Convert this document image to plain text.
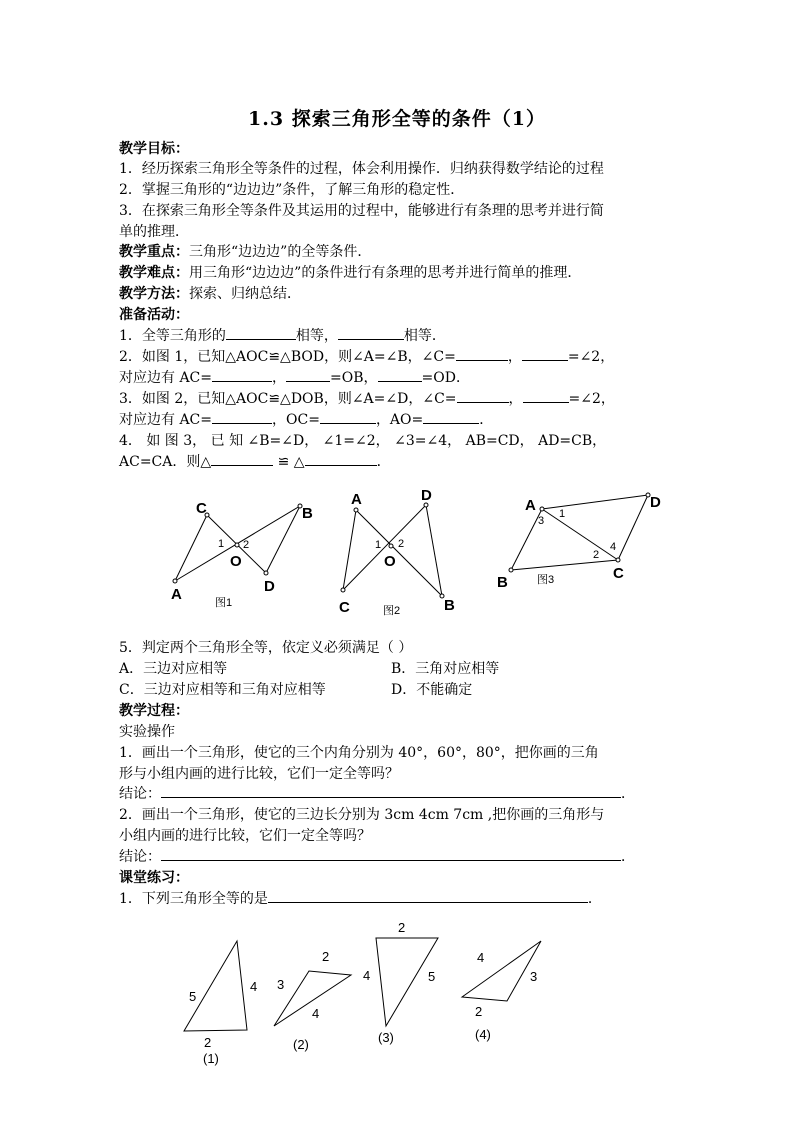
1.3 探索三角形全等的条件（1）
教学目标：
1．经历探索三角形全等条件的过程，体会利用操作．归纳获得数学结论的过程
2．掌握三角形的“边边边”条件，了解三角形的稳定性．
3．在探索三角形全等条件及其运用的过程中，能够进行有条理的思考并进行简
单的推理．
教学重点：三角形“边边边”的全等条件．
教学难点：用三角形“边边边”的条件进行有条理的思考并进行简单的推理．
教学方法：探索、归纳总结．
准备活动：
1．全等三角形的	相等，	相等．
2．如图 1，已知△AOC≌△BOD，则∠A=∠B，∠C=	，	=∠2，
对应边有 AC=	，	=OB，	=OD．
3．如图 2，已知△AOC≌△DOB，则∠A=∠D，∠C=	，	=∠2，
对应边有 AC=	，OC=	，AO=	．
4． 如 图 3， 已 知 ∠B=∠D， ∠1=∠2， ∠3=∠4， AB=CD， AD=CB，
AC=CA．则△	≌ △	．
C	B
A	D
O
1 2
图1
A	D
C	B
O
1 2
图2
A	D
B
C
1
3
2
4
图3
5．判定两个三角形全等，依定义必须满足（ ）
A．三边对应相等	B．三角对应相等
C．三边对应相等和三角对应相等	D．不能确定
教学过程：
实验操作
1．画出一个三角形，使它的三个内角分别为 40°，60°，80°，把你画的三角
形与小组内画的进行比较，它们一定全等吗？
结论：	．
2．画出一个三角形，使它的三边长分别为 3cm 4cm 7cm ,把你画的三角形与
小组内画的进行比较，它们一定全等吗？
结论：	．
课堂练习：
1．下列三角形全等的是	．
5
4
2
(1)
2
3
4
(2)
2
4	5
(3)
4
3
2
(4)
